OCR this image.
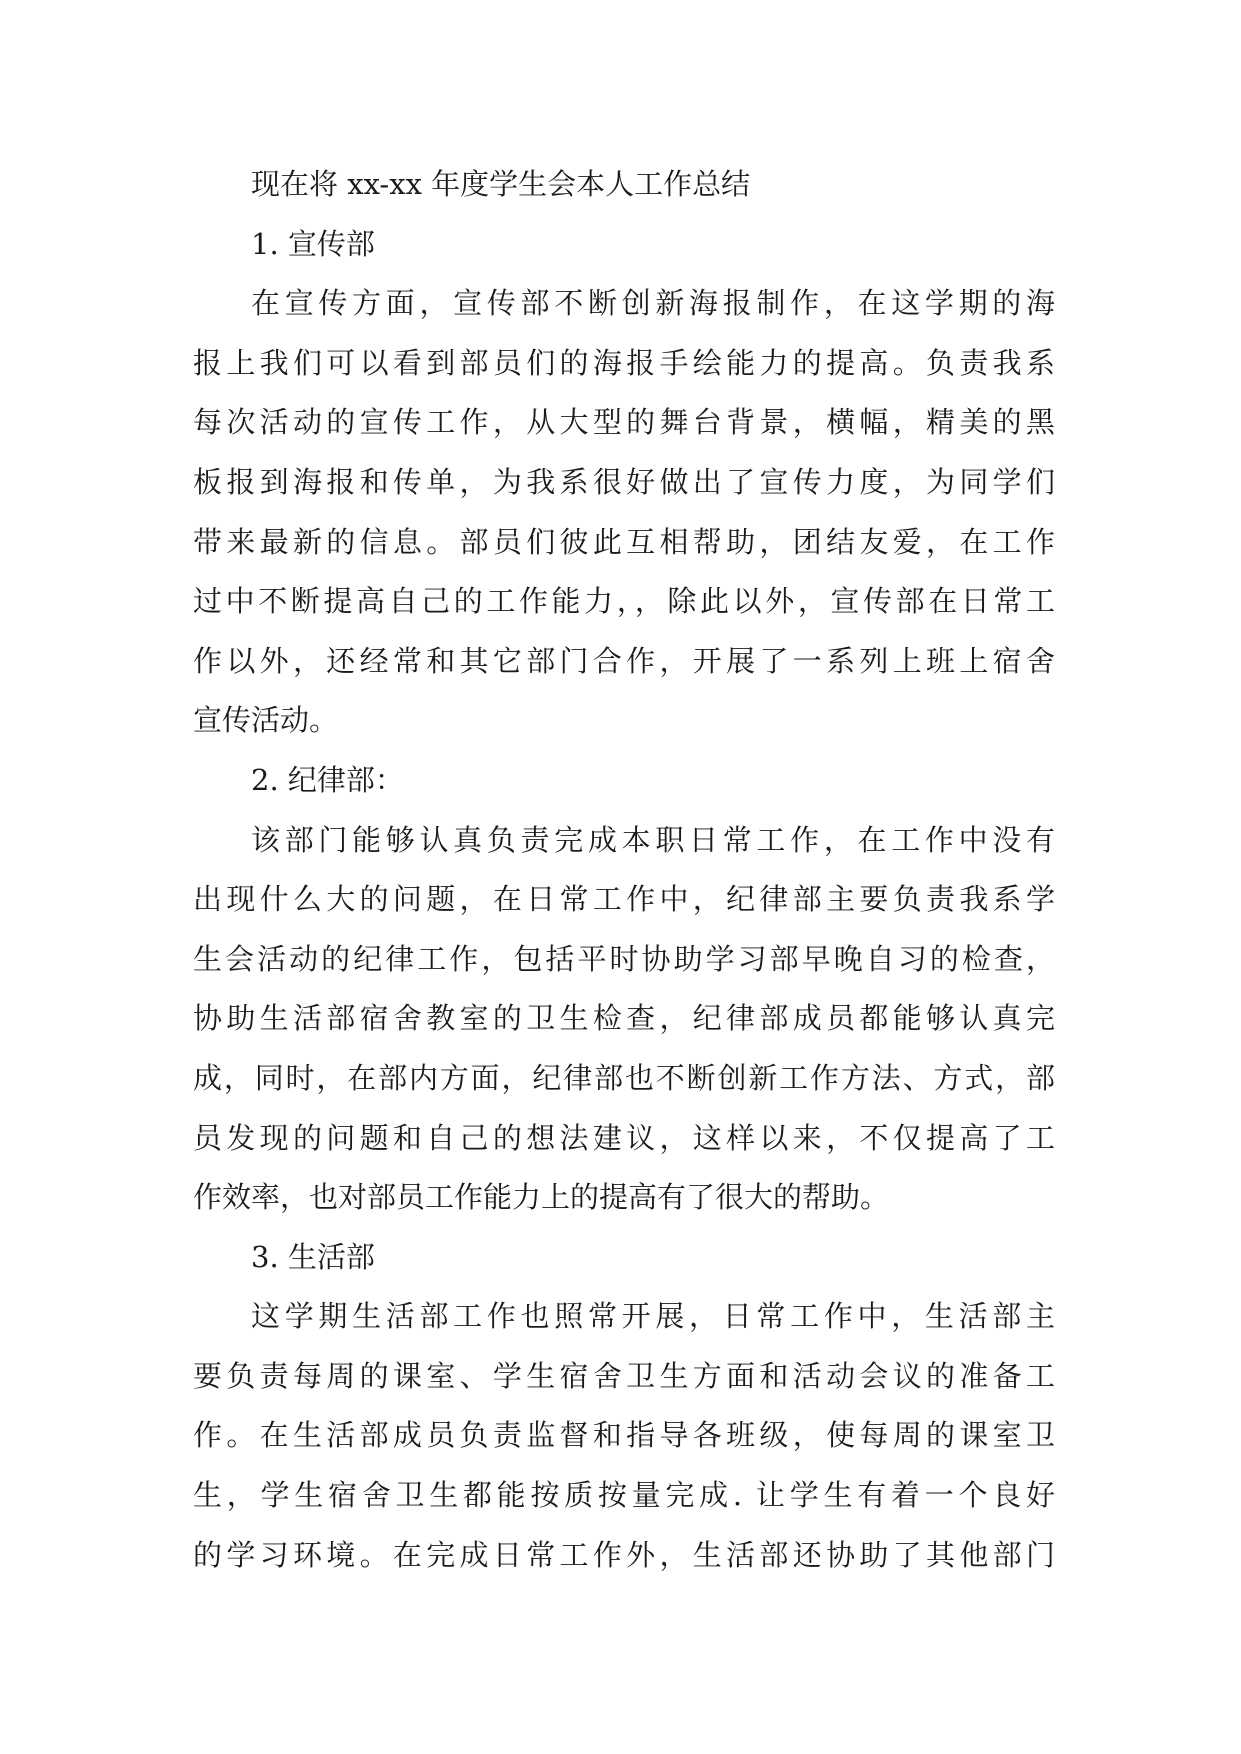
现在将 xx-xx 年度学生会本人工作总结
1. 宣传部
在宣传方面，宣传部不断创新海报制作，在这学期的海
报上我们可以看到部员们的海报手绘能力的提高。负责我系
每次活动的宣传工作，从大型的舞台背景，横幅，精美的黑
板报到海报和传单，为我系很好做出了宣传力度，为同学们
带来最新的信息。部员们彼此互相帮助，团结友爱，在工作
过中不断提高自己的工作能力，，除此以外，宣传部在日常工
作以外，还经常和其它部门合作，开展了一系列上班上宿舍
宣传活动。
2. 纪律部：
该部门能够认真负责完成本职日常工作，在工作中没有
出现什么大的问题，在日常工作中，纪律部主要负责我系学
生会活动的纪律工作，包括平时协助学习部早晚自习的检查，
协助生活部宿舍教室的卫生检查，纪律部成员都能够认真完
成，同时，在部内方面，纪律部也不断创新工作方法、方式，部
员发现的问题和自己的想法建议，这样以来，不仅提高了工
作效率，也对部员工作能力上的提高有了很大的帮助。
3. 生活部
这学期生活部工作也照常开展，日常工作中，生活部主
要负责每周的课室、学生宿舍卫生方面和活动会议的准备工
作。在生活部成员负责监督和指导各班级，使每周的课室卫
生，学生宿舍卫生都能按质按量完成. 让学生有着一个良好
的学习环境。在完成日常工作外，生活部还协助了其他部门
